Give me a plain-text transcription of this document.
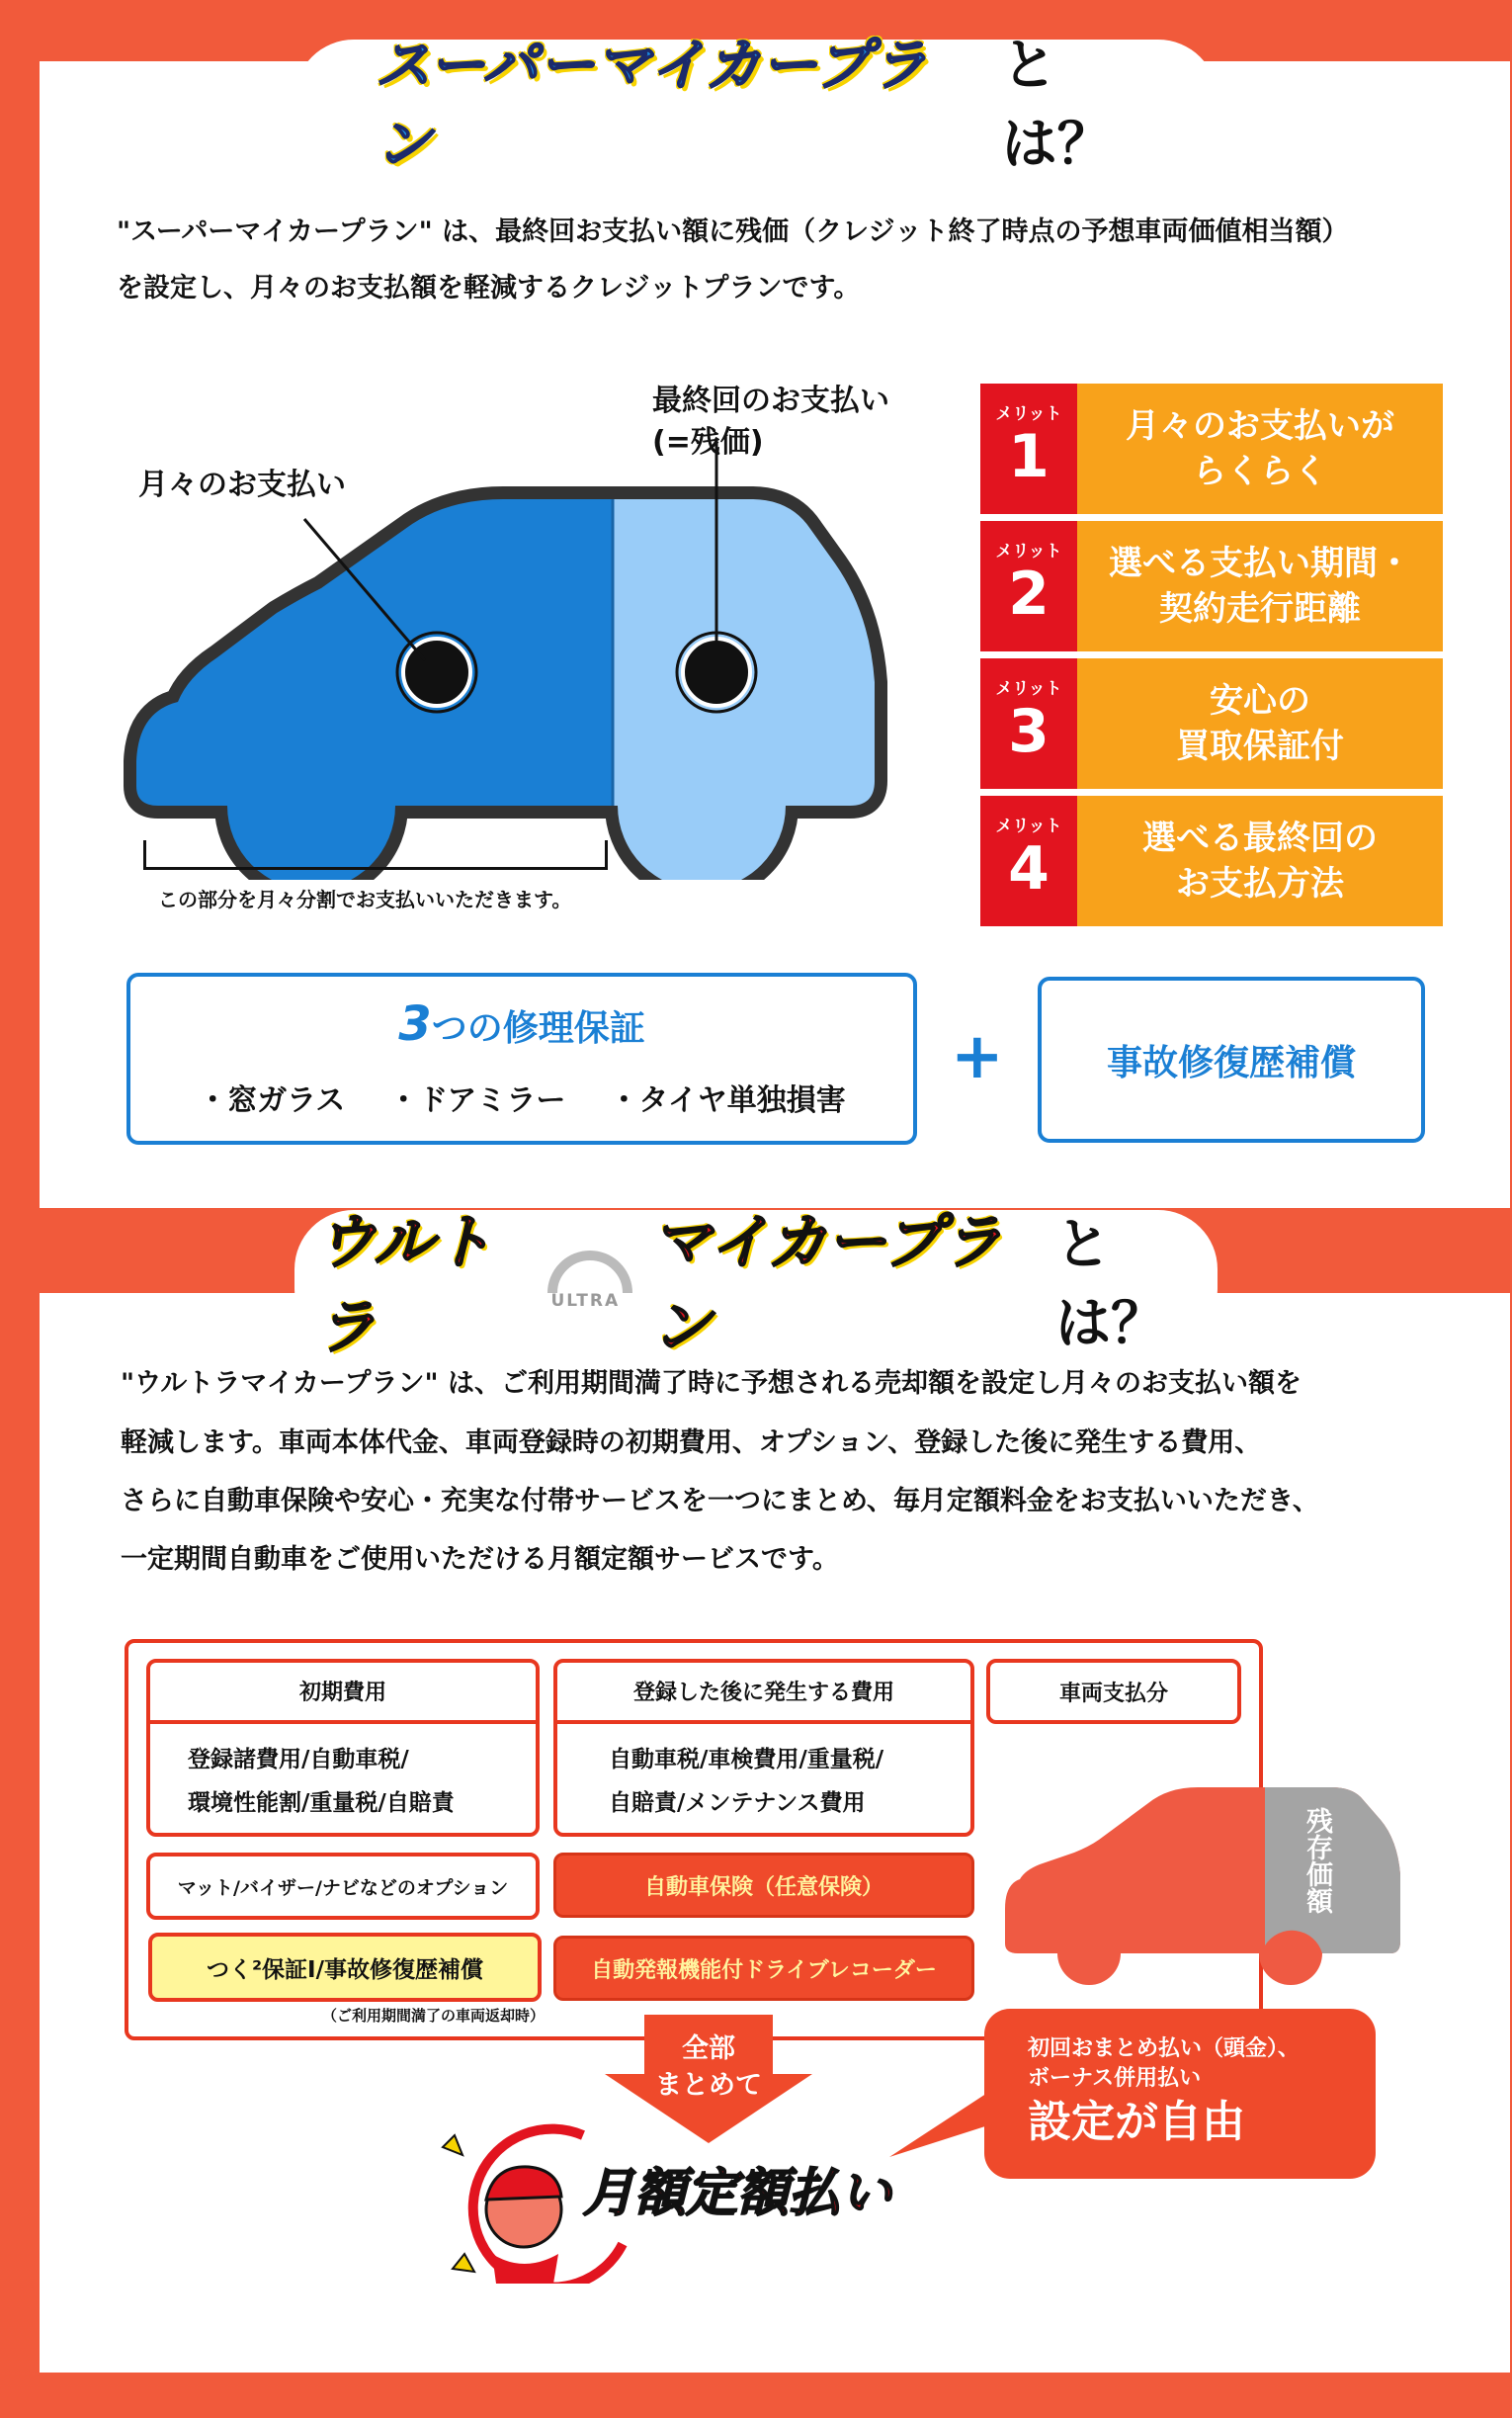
スーパーマイカープラン
とは？
"スーパーマイカープラン" は、最終回お支払い額に残価（クレジット終了時点の予想車両価値相当額）
を設定し、月々のお支払額を軽減するクレジットプランです。
月々のお支払い
最終回のお支払い
(=残価)
この部分を月々分割でお支払いいただきます。
メリット
1	月々のお支払いが
らくらく
メリット
2	選べる支払い期間・
契約走行距離
メリット
3	安心の
買取保証付
メリット
4	選べる最終回の
お支払方法
3つの修理保証
・窓ガラス ・ドアミラー ・タイヤ単独損害
+	事故修復歴補償
ウルトラ	ULTRA
マイカープラン
とは？
"ウルトラマイカープラン" は、ご利用期間満了時に予想される売却額を設定し月々のお支払い額を
軽減します。車両本体代金、車両登録時の初期費用、オプション、登録した後に発生する費用、
さらに自動車保険や安心・充実な付帯サービスを一つにまとめ、毎月定額料金をお支払いいただき、
一定期間自動車をご使用いただける月額定額サービスです。
初期費用
登録諸費用/自動車税/
環境性能割/重量税/自賠責
登録した後に発生する費用
自動車税/車検費用/重量税/
自賠責/メンテナンス費用
車両支払分
マット/バイザー/ナビなどのオプション
つく²保証Ⅰ/事故修復歴補償
（ご利用期間満了の車両返却時）
自動車保険（任意保険）
自動発報機能付ドライブレコーダー
残存価額
全部
まとめて
月額定額払い
初回おまとめ払い（頭金）、
ボーナス併用払い
設定が自由
